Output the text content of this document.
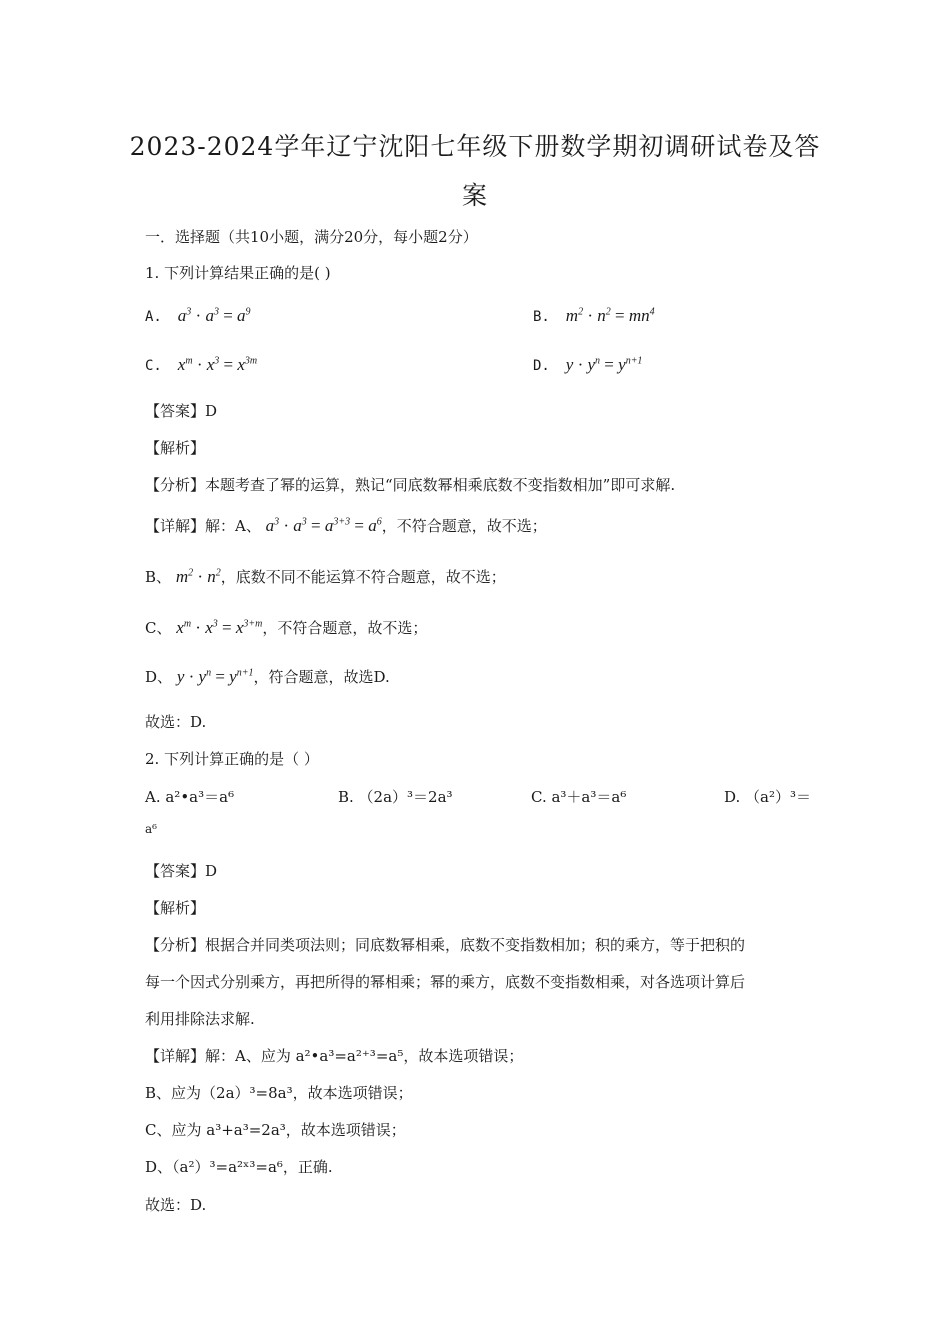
2023-2024学年辽宁沈阳七年级下册数学期初调研试卷及答
案
一．选择题（共10小题，满分20分，每小题2分）
1. 下列计算结果正确的是( )
A. $a^3 \cdot a^3 = a^9$	B. $m^2 \cdot n^2 = mn^4$
C. $x^m \cdot x^3 = x^{3m}$	D. $y \cdot y^n = y^{n+1}$
【答案】D
【解析】
【分析】本题考查了幂的运算，熟记“同底数幂相乘底数不变指数相加”即可求解.
【详解】解：A、 $a^3 \cdot a^3 = a^{3+3} = a^6$，不符合题意，故不选；
B、 $m^2 \cdot n^2$，底数不同不能运算不符合题意，故不选；
C、 $x^m \cdot x^3 = x^{3+m}$，不符合题意，故不选；
D、 $y \cdot y^n = y^{n+1}$，符合题意，故选D.
故选：D.
2. 下列计算正确的是（ ）
A. a²•a³＝a⁶	B. （2a）³＝2a³	C. a³＋a³＝a⁶	D. （a²）³＝
a⁶
【答案】D
【解析】
【分析】根据合并同类项法则；同底数幂相乘，底数不变指数相加；积的乘方，等于把积的
每一个因式分别乘方，再把所得的幂相乘；幂的乘方，底数不变指数相乘，对各选项计算后
利用排除法求解.
【详解】解：A、应为 a²•a³=a²⁺³=a⁵，故本选项错误；
B、应为（2a）³=8a³，故本选项错误；
C、应为 a³+a³=2a³，故本选项错误；
D、（a²）³=a²ˣ³=a⁶，正确.
故选：D.
